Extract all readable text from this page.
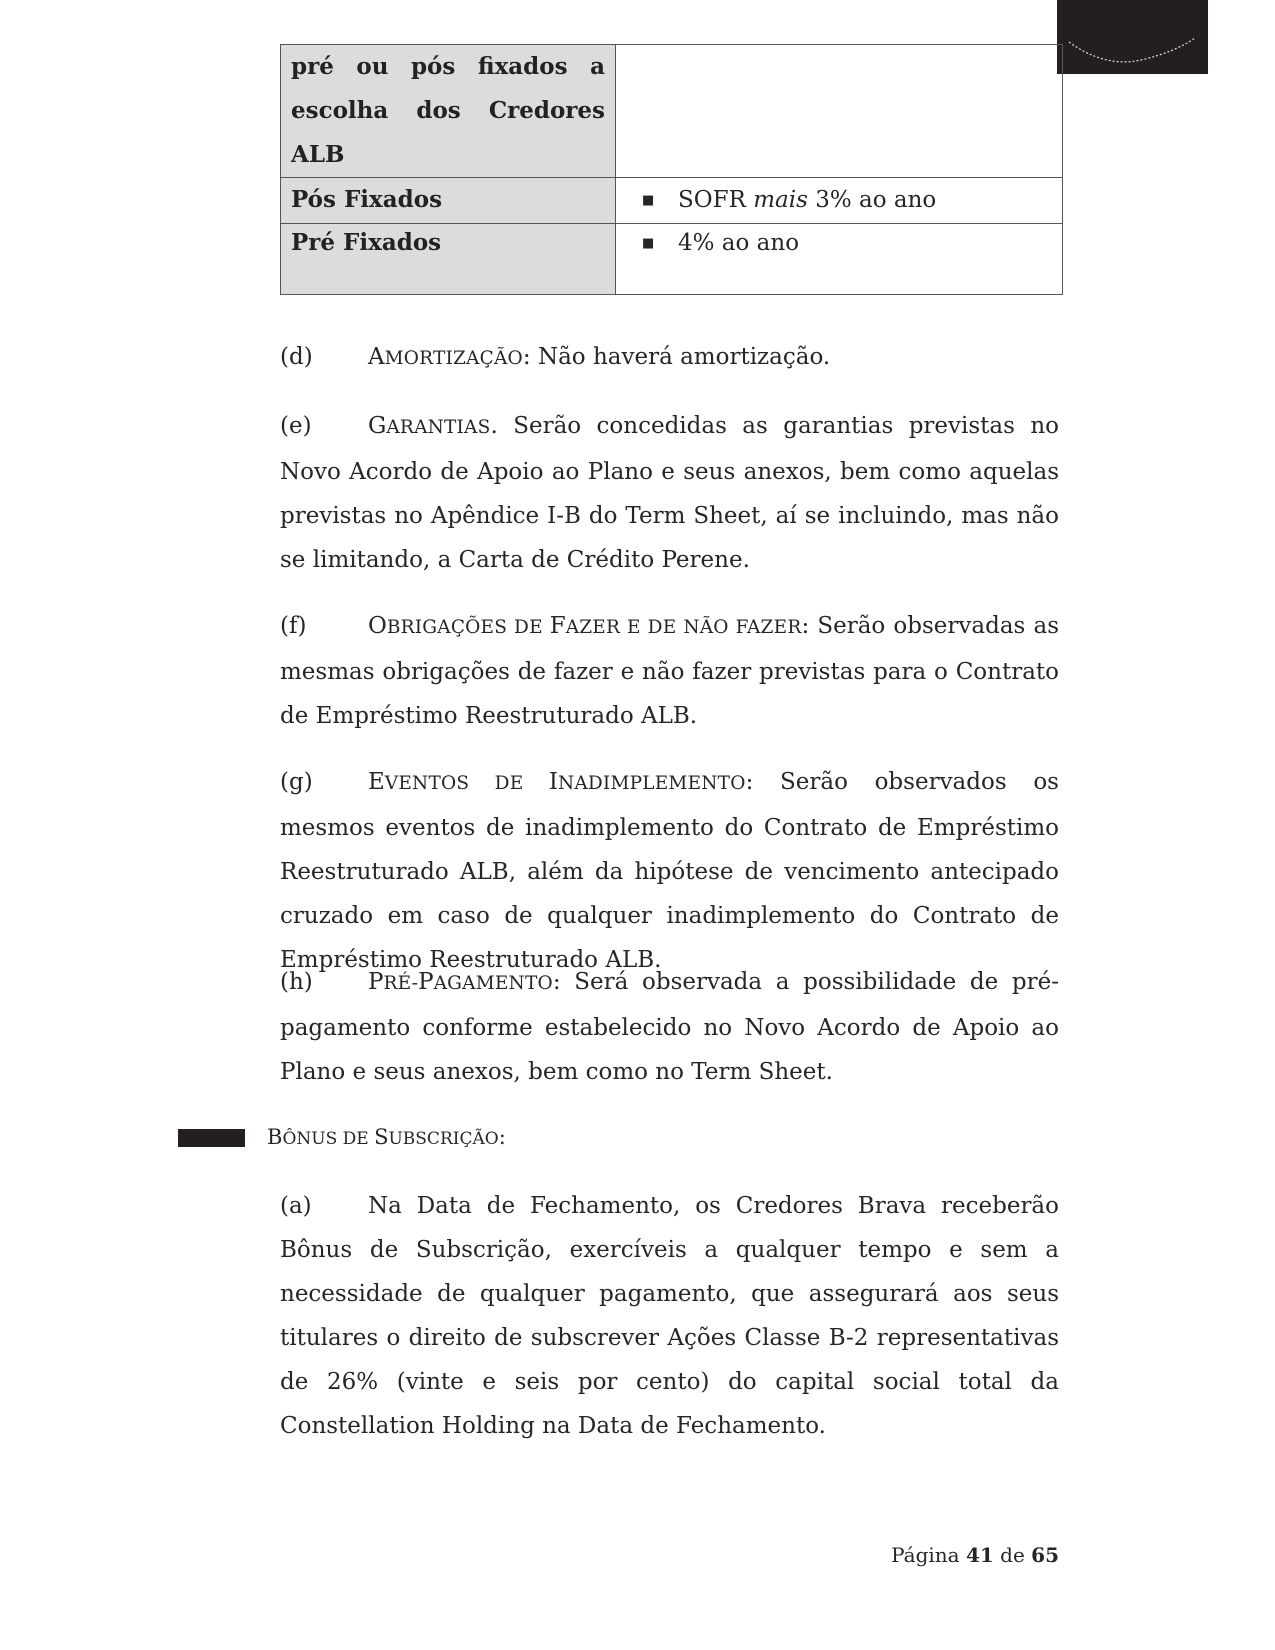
pré ou pós fixados a escolha dos Credores ALB	
Pós Fixados	■ SOFR mais 3% ao ano
Pré Fixados	■ 4% ao ano

(d) AMORTIZAÇÃO: Não haverá amortização.

(e) GARANTIAS. Serão concedidas as garantias previstas no Novo Acordo de Apoio ao Plano e seus anexos, bem como aquelas previstas no Apêndice I-B do Term Sheet, aí se incluindo, mas não se limitando, a Carta de Crédito Perene.

(f)	OBRIGAÇÕES DE FAZER E DE NÃO FAZER: Serão observadas as mesmas obrigações de fazer e não fazer previstas para o Contrato de Empréstimo Reestruturado ALB.

(g) EVENTOS DE INADIMPLEMENTO: Serão observados os mesmos eventos de inadimplemento do Contrato de Empréstimo Reestruturado ALB, além da hipótese de vencimento antecipado cruzado em caso de qualquer inadimplemento do Contrato de Empréstimo Reestruturado ALB.

(h) PRÉ-PAGAMENTO: Será observada a possibilidade de pré-pagamento conforme estabelecido no Novo Acordo de Apoio ao Plano e seus anexos, bem como no Term Sheet.

BÔNUS DE SUBSCRIÇÃO:

(a) Na Data de Fechamento, os Credores Brava receberão Bônus de Subscrição, exercíveis a qualquer tempo e sem a necessidade de qualquer pagamento, que assegurará aos seus titulares o direito de subscrever Ações Classe B-2 representativas de 26% (vinte e seis por cento) do capital social total da Constellation Holding na Data de Fechamento.

Página 41 de 65
